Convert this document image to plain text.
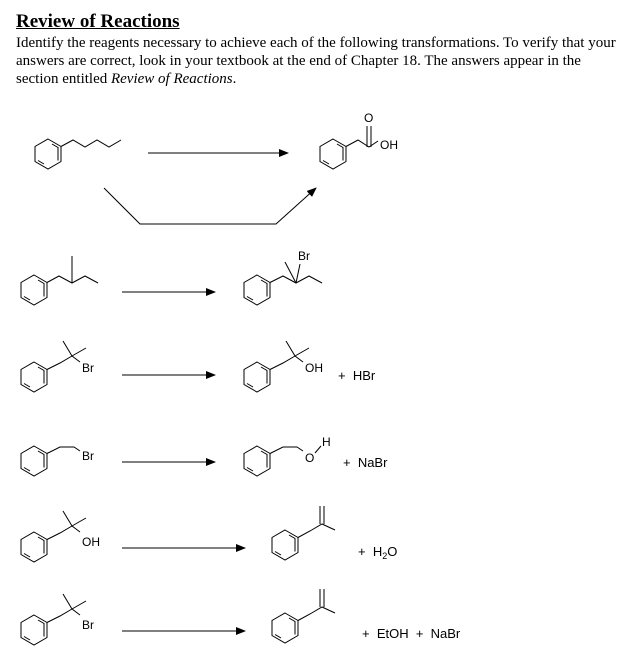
Review of Reactions

Identify the reagents necessary to achieve each of the following transformations. To verify that your answers are correct, look in your textbook at the end of Chapter 18. The answers appear in the section entitled Review of Reactions.

O
OH
Br
Br	OH +  HBr
Br	O
H
+  NaBr
OH
+  $H_2O$
Br
+  EtOH  +  NaBr
